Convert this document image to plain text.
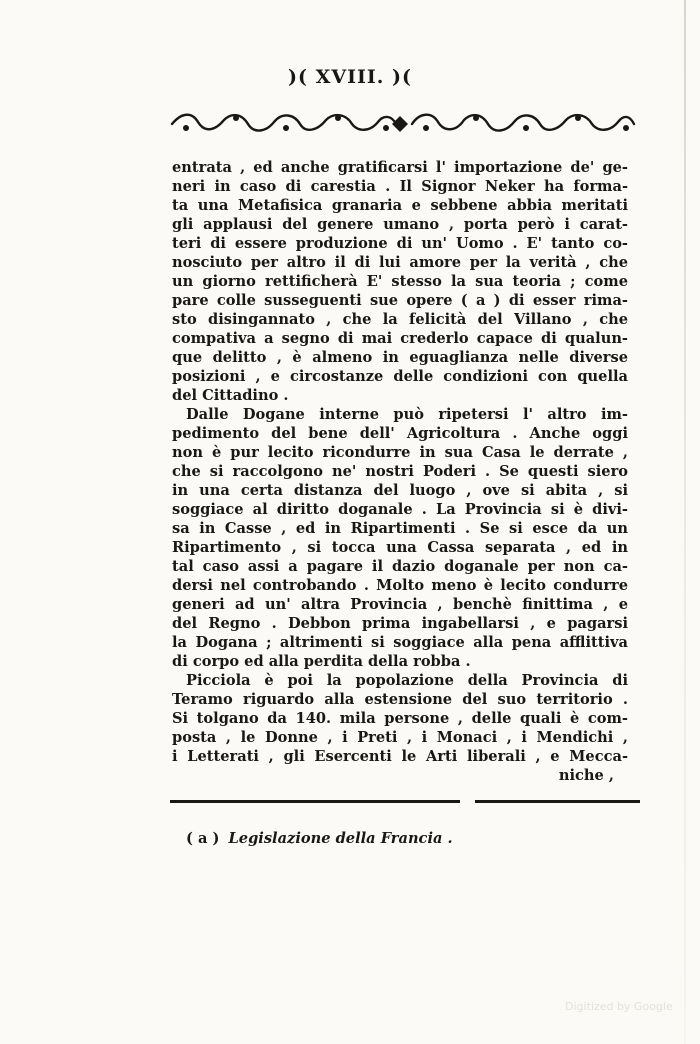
)( XVIII. )(
entrata , ed anche gratificarsi l' importazione de' ge-
neri in caso di carestia . Il Signor Neker ha forma-
ta una Metafisica granaria e sebbene abbia meritati
gli applausi del genere umano , porta però i carat-
teri di essere produzione di un' Uomo . E' tanto co-
nosciuto per altro il di lui amore per la verità , che
un giorno rettificherà E' stesso la sua teoria ; come
pare colle susseguenti sue opere ( a ) di esser rima-
sto disingannato , che la felicità del Villano , che
compativa a segno di mai crederlo capace di qualun-
que delitto , è almeno in eguaglianza nelle diverse
posizioni , e circostanze delle condizioni con quella
del Cittadino .
Dalle Dogane interne può ripetersi l' altro im-
pedimento del bene dell' Agricoltura . Anche oggi
non è pur lecito ricondurre in sua Casa le derrate ,
che si raccolgono ne' nostri Poderi . Se questi siero
in una certa distanza del luogo , ove si abita , si
soggiace al diritto doganale . La Provincia si è divi-
sa in Casse , ed in Ripartimenti . Se si esce da un
Ripartimento , si tocca una Cassa separata , ed in
tal caso assi a pagare il dazio doganale per non ca-
dersi nel controbando . Molto meno è lecito condurre
generi ad un' altra Provincia , benchè finittima , e
del Regno . Debbon prima ingabellarsi , e pagarsi
la Dogana ; altrimenti si soggiace alla pena afflittiva
di corpo ed alla perdita della robba .
Picciola è poi la popolazione della Provincia di
Teramo riguardo alla estensione del suo territorio .
Si tolgano da 140. mila persone , delle quali è com-
posta , le Donne , i Preti , i Monaci , i Mendichi ,
i Letterati , gli Esercenti le Arti liberali , e Mecca-
niche ,
( a ) Legislazione della Francia .
Digitized by Google
